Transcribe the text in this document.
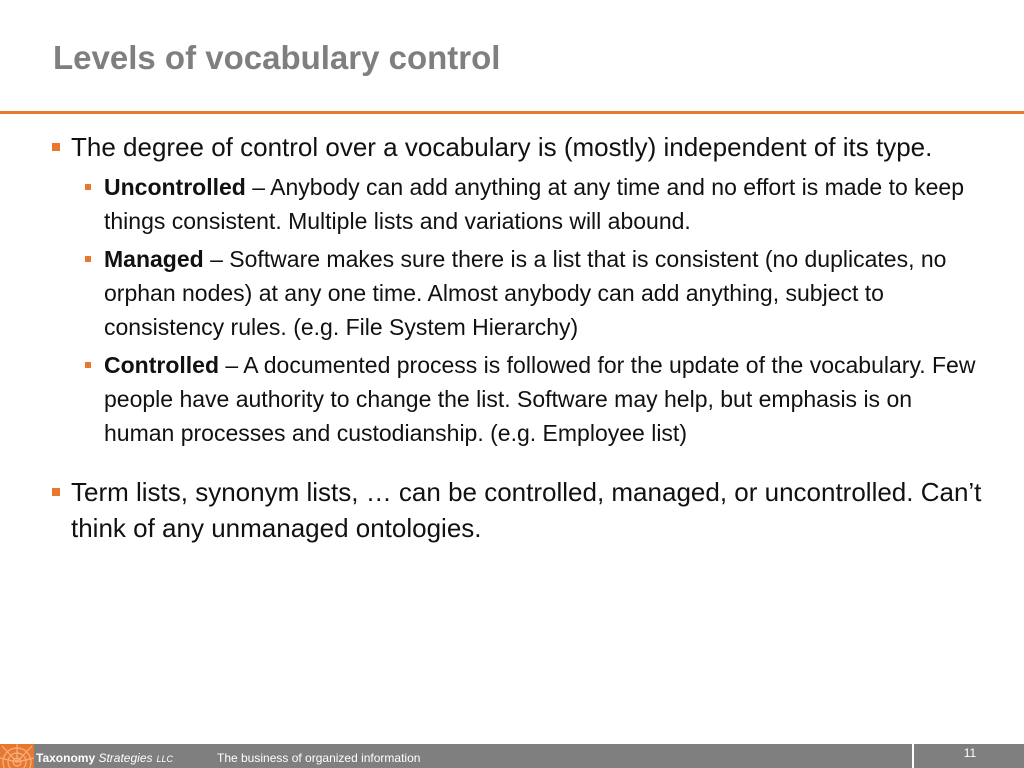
Levels of vocabulary control
The degree of control over a vocabulary is (mostly) independent of its type.
Uncontrolled – Anybody can add anything at any time and no effort is made to keep things consistent. Multiple lists and variations will abound.
Managed – Software makes sure there is a list that is consistent (no duplicates, no orphan nodes) at any one time. Almost anybody can add anything, subject to consistency rules. (e.g. File System Hierarchy)
Controlled – A documented process is followed for the update of the vocabulary. Few people have authority to change the list. Software may help, but emphasis is on human processes and custodianship. (e.g. Employee list)
Term lists, synonym lists, … can be controlled, managed, or uncontrolled. Can’t think of any unmanaged ontologies.
Taxonomy Strategies LLC	The business of organized information	11
